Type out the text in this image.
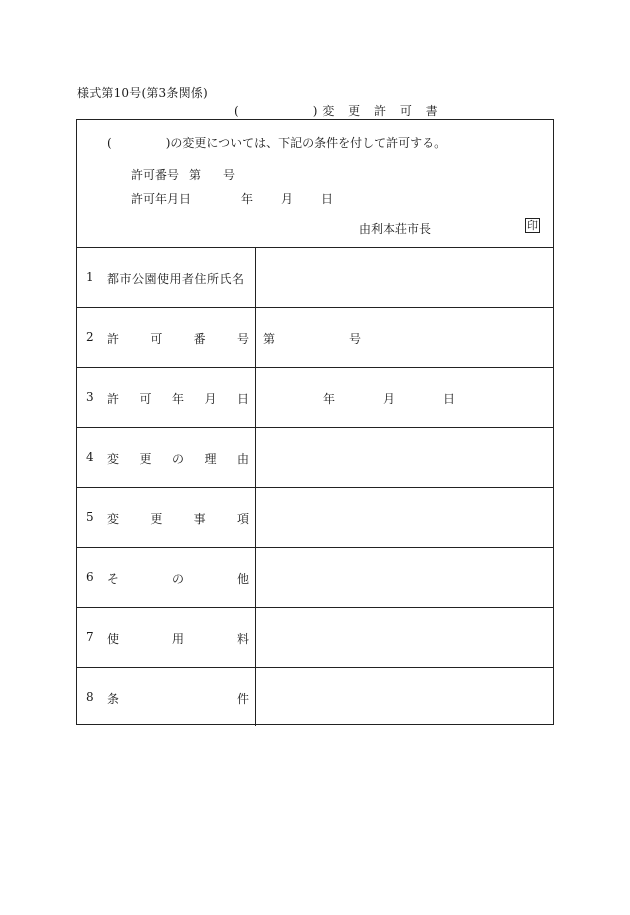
様式第10号(第3条関係)
(	)変 更 許 可 書
(	)の変更については、下記の条件を付して許可する。
許可番号 第 号
許可年月日	年 月 日
由利本荘市長	印
1 都市公園使用者住所氏名
2 許	可	番	号 第	号
3 許 可 年 月 日	年	月	日
4 変 更 の 理 由
5 変	更	事	項
6 そ	の	他
7 使	用	料
8 条	件
